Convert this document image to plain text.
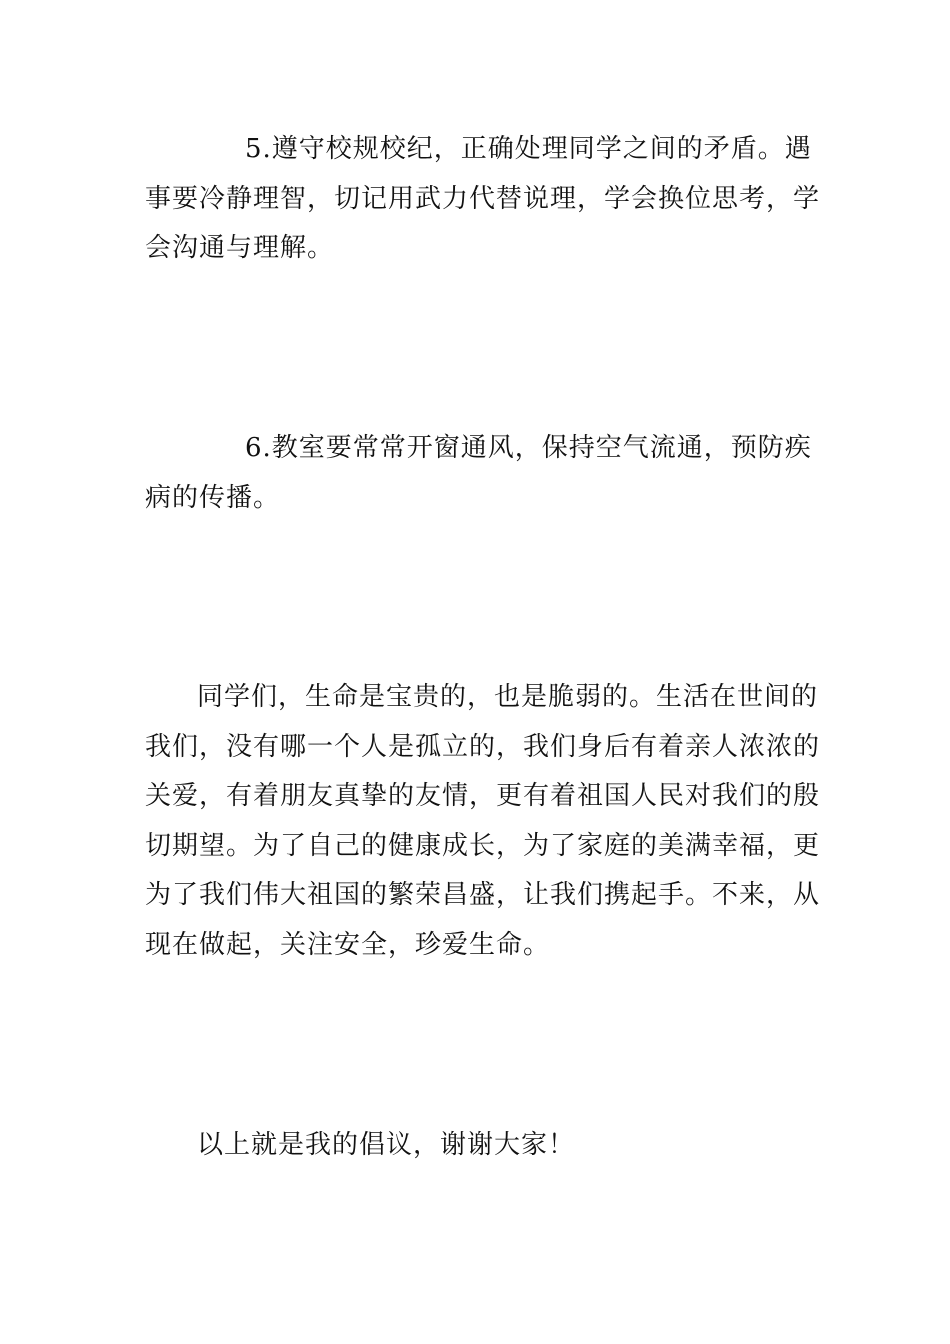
5.遵守校规校纪，正确处理同学之间的矛盾。遇
事要冷静理智，切记用武力代替说理，学会换位思考，学
会沟通与理解。

6.教室要常常开窗通风，保持空气流通，预防疾
病的传播。

同学们，生命是宝贵的，也是脆弱的。生活在世间的
我们，没有哪一个人是孤立的，我们身后有着亲人浓浓的
关爱，有着朋友真挚的友情，更有着祖国人民对我们的殷
切期望。为了自己的健康成长，为了家庭的美满幸福，更
为了我们伟大祖国的繁荣昌盛，让我们携起手。不来，从
现在做起，关注安全，珍爱生命。

以上就是我的倡议，谢谢大家！
